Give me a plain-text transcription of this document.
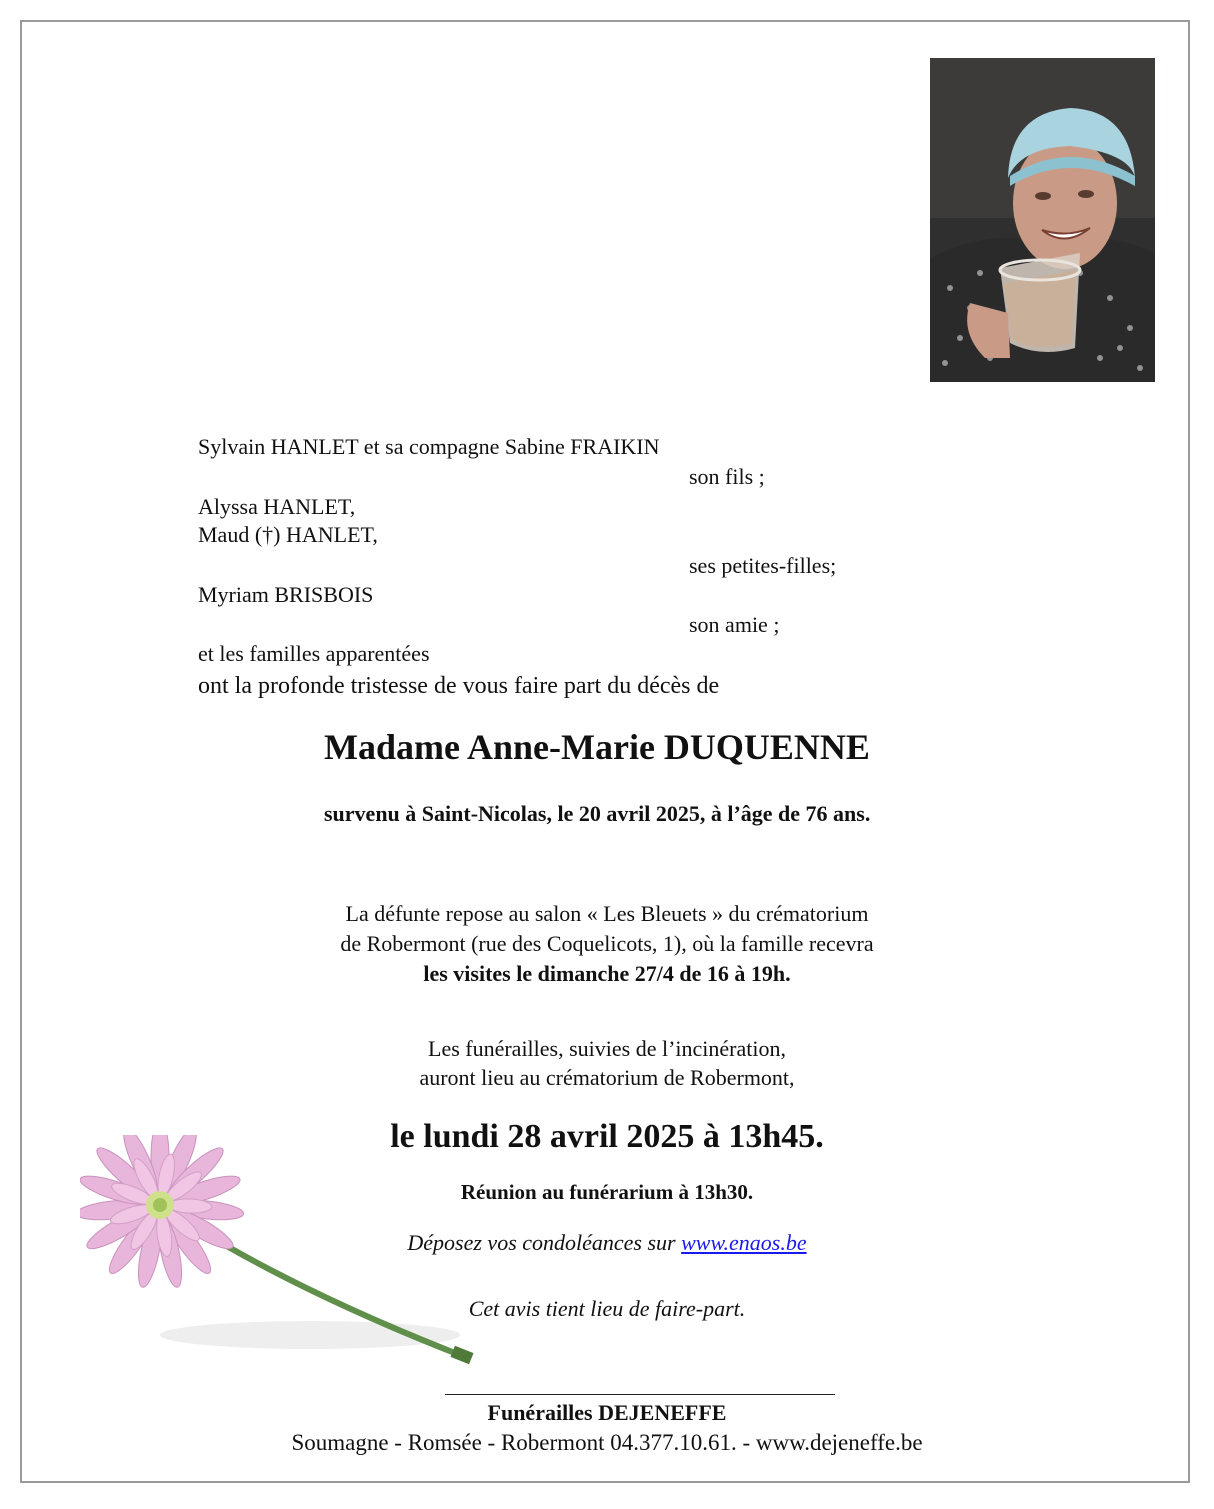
Sylvain HANLET et sa compagne Sabine FRAIKIN
son fils ;
Alyssa HANLET,
Maud (†) HANLET,
ses petites-filles;
Myriam BRISBOIS
son amie ;
et les familles apparentées
ont la profonde tristesse de vous faire part du décès de
Madame Anne-Marie DUQUENNE
survenu à Saint-Nicolas, le 20 avril 2025, à l’âge de 76 ans.
La défunte repose au salon « Les Bleuets » du crématorium
de Robermont (rue des Coquelicots, 1), où la famille recevra
les visites le dimanche 27/4 de 16 à 19h.
Les funérailles, suivies de l’incinération,
auront lieu au crématorium de Robermont,
le lundi 28 avril 2025 à 13h45.
Réunion au funérarium à 13h30.
Déposez vos condoléances sur www.enaos.be
Cet avis tient lieu de faire-part.
Funérailles DEJENEFFE
Soumagne - Romsée - Robermont 04.377.10.61. - www.dejeneffe.be
